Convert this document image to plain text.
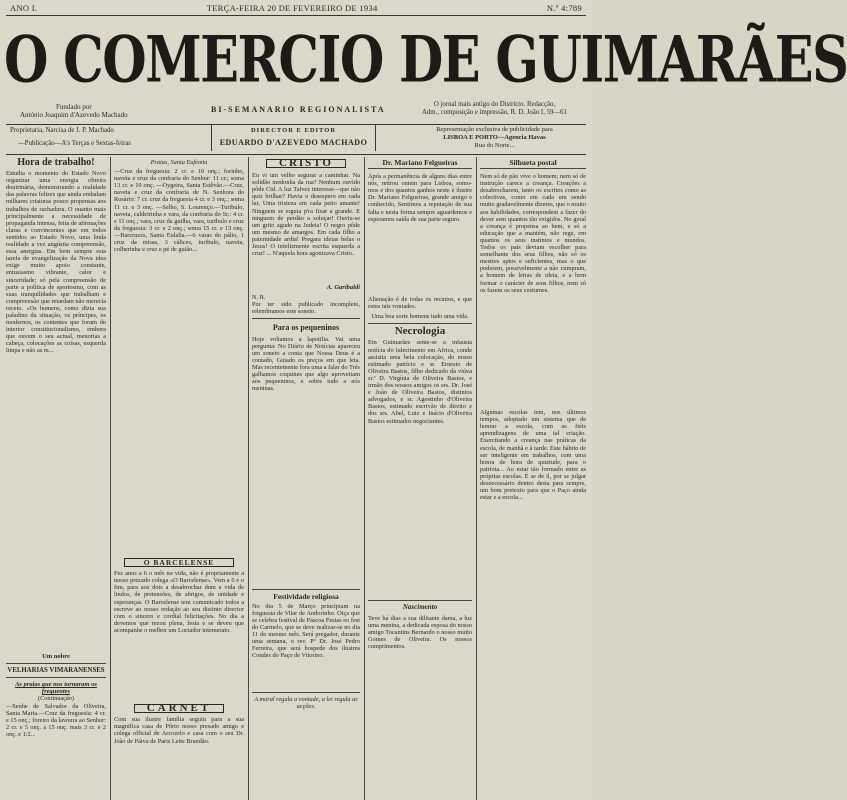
ANO I.	TERÇA-FEIRA 20 DE FEVEREIRO DE 1934	N.º 4:789
O COMERCIO DE GUIMARÃES
Fundado por
António Joaquim d'Azevedo Machado
BI-SEMANARIO REGIONALISTA
O jornal mais antigo do Districto. Redacção,
Adm., composição e impressão, R. D. João I, 59—61
Proprietaria, Narcisa de J. P. Machado
—Publicação—A's Terças e Sextas-feiras
DIRECTOR E EDITOR
EDUARDO D'AZEVEDO MACHADO
Representação exclusiva de publicidade para
LISBOA E PORTO—Agencia Havas
Rua do Norte...
Hora de trabalho!
Estudia o momento do Estado Novo organizar uma energia obreira doutrinária, demonstrando a realidade das palavras felizes que ainda embalam milhares criaturas pouco propensas aos trabalhos de rachadura. O ouanto mais principalmente a necessidade de propaganda intensa, feita de afirmações claras e convincentes que em todos sentidos ao Estado Novo, uma linda realidade a vez angústia compreensão, essa anergias. Em bem sempre esta tarefa de evangelização da Nova idea exige muito apoio constante, entusiasmo vibrante, calor e sinceridade; só pela compreensão de parte a política de sportosmo, com as suas tranquilidades que trabalham e compreensão que retardam não merecia receio. «Os homens, como dizia sua paladino da situação, os príncipes, os modernos, os contentes que foram do interior constitucionalismo, embora que ouvem o seu actual, menorias a cabeça, colocações as coisas, esquerda limpa e não as m...
Um nobre
VELHARIAS VIMARANENSES
As praias que nos tornaram os frequentes
(Continuação)
—Senhe de Salvador da Oliveira, Santa Maria.—Cruz da freguesia: 4 cr. e 15 onç.; foreiro da lavoura ao Senhor: 2 cr. e 5 onç. a 15 onç. mais 3 cr. e 2 onç. e 1/2...
Praias, Santa Eufemia
—Cruz da freguesia: 2 cr. e 10 onç.; forinho, naveta e cruz da confraria do Senhor: 11 cr.; soma 13 cr. e 10 onç. —Oygeira, Santa Estêvão.—Cruz, naveta e cruz da confraria de N. Senhora do Rosário: 7 cr. cruz da freguesia 4 cr. e 3 onç.; soma 11 cr. e 3 onç. —Selho, S. Lourenço.—Turibulo, naveta, caldeirinha e vara, da confraria do Sr.: 4 cr. e 11 onç.; vara, cruz da guilha, vara, turibulo e cruz da freguesia: 3 cr. e 2 onç.; soma 15 cr. e 13 onç. —Barcruzes, Santa Eulalia.—6 varas do pálio, 1 cruz da missa, 3 cálices, turibulo, naveta, colherinha e cruz e pé de guião...
O BARCELENSE
Fez anos a 6 o mês no vida, não é propriamente a nosso prezado colega «O Barcelense». Vem a 6 e o fim, para aos dois a desabrochar dum a vida de lindos, de pretensões, de abrigos, de unidade e esperanças. O Barcelense tem comunicado todos a escreve ao nosso redação ao seu distinto director com o sincero e cordial felicitações. No dia a devemos que rezou plena, festa e se deveu que acompanhe o melhor um Luctador intemerato.
CARNET
Com sua ilustre família seguiu para a sua magnifica casa de Pôrto nosso presado amigo e colega official de Arcozelo e casa com o seu Dr. João de Páiva de Paris Leite Brandão.
CRISTO
Eu vi um velho segurar a caminhar. Na solidão medonha da rua? Nenhum ouvido pôde Cid. A luz Talvez interesse—que não quiz brilhar? Havia o desespero em cada lar, Uma tristeza em cada peito amante! Ninguem se erguia p'ra fixar a grande. E ninguem de perdão a soluçar! Ouviu-se um grito agudo na Judeia! O negro pôde um mesmo de amargos. Em cada filho a paternidade ardia! Pregara ideias belas o Jesus! O infelizmente escrita esquerda a cruz! ... N'aquela hora agonizava Cristo..
A. Garibaldi
N. R.
Por ter sido publicado incompleto, relembramos este soneto.
Para os pequeninos
Hoje voltamos a lapotilia. Vai uma pergunta: No Diário de Notícias apareceu um soneto a conta que Nossa Deus é a contado, Guiado os preços em que leia. Mas recentemente fora uma a falar do Trés galhamos coquines que algo aproveitam aos pequeninos, e sobre tudo a nós meninas.
Festividade religiosa
No dia 5 de Março principiam na freguesia de Vilar de Andorinho. Oiça que se celebra festival de Páscoa Festas eo fest do Carmelo, que se deve realizar-se no dia 11 do mesmo mês. Será pregador, durante uma semana, o rev. Pº Dr. José Pedro Ferreira, que será hospede dos ilustres Condes do Paço de Vitorino.
A moral regula a vontade, a lei regula as acções.
Dr. Mariano Felgueiras
Após a permanência de alguns dias entre nós, retirou ontem para Lisboa, somo-mos e dos quantos ganhos neste é ilustre Dr. Mariano Felgueiras, grande amigo e conhecido, Sentimos a reputação de sua falta e nesta forma sempre aguardemos e esperamos saída de sua parte seguro.
Alienação é de todas os recintos, e que estes tais vontades.
Uma boa sorte homens tudo uma vida.
Necrologia
Em Guimarães sente-se a infausta notícia do falecimento em Africa, conde assistia uma bela colocação, do nosso estimado patrício e sr. Ernesto de Oliveira Bastos, filho dedicado da viúva sr.ª D. Virgínia de Oliveira Bastos, e irmão dos nossos amigos os srs. Dr. José e João de Oliveira Bastos, distintos advogados, e sr. Agostinho d'Oliveira Bastos, estimado escrivão de direito e dos srs. Abel, Luiz e Inácio d'Oliveira Bastos estimados negociantes.
Nascimento
Teve há dias a sua dilitante dama, a luz uma menina, a dedicada esposa do nosso amigo Tocantins Bernardo o nosso muito Gomes de Oliveira. Os nossos cumprimentos.
Silhueta postal
Nem só de pão vive o homem; nem só de instrução carece a creança. Creações a desabrocharem, tanto os escritos como as colectivas, como em cada um sendo muito gradavelmente dizeres, que o muito aos habilidades, correspondem a fazer do dever sem quantos tão exigidos. No geral a creança é propensa ao bem, e só a educação que a mantém, não rege, em quantos os seus instintos e mundos. Todos os pais deviam escolher para semelhante dos seus filhos, não só os mestres aptos e suficientes, mas o que poderem, possivelmente a não cumpram, a homem de letras de ideia, e a bem formar o carácter de seus filhos, nem só os fazem os seus costumes.
Algumas escolas tem, nos últimos tempos, adoptado um sistema que de honrar a escola, com as fiéis aprendizagens de uma tal criação. Exercitando a creança nas práticas da escola, de manhã e à tarde. Este hábito de ser inteligente em trabalhos, com uma honra de hora de quietude, para o patriota... Ao estar tão formado entre as próprias escolas. É se de il, por se julgar desnecessário dentro desta para sempre, um bom pretexto para que o Paço ainda estar e a escola...
